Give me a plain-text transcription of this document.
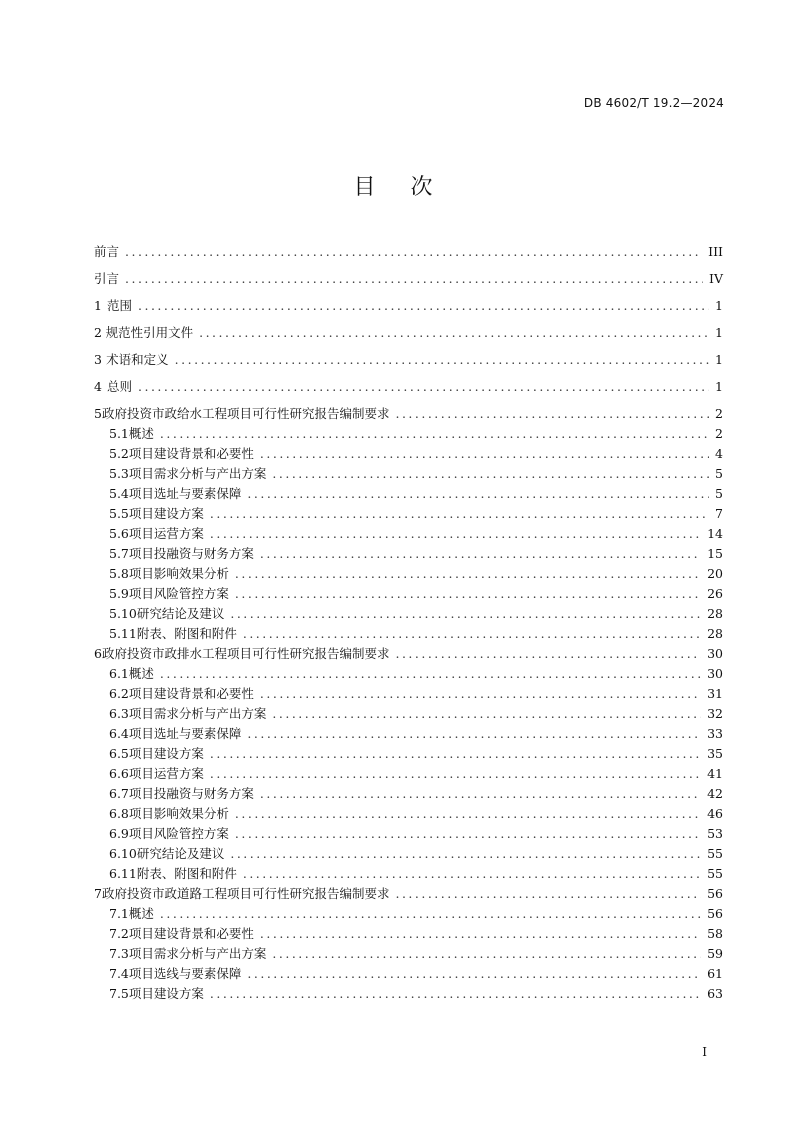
DB 4602/T 19.2—2024
目 次
前言 .....	III
引言 .....	IV
1 范围 .....	1
2 规范性引用文件 .....	1
3 术语和定义 .....	1
4 总则 .....	1
5 政府投资市政给水工程项目可行性研究报告编制要求 .....	2
5.1 概述 .....	2
5.2 项目建设背景和必要性 .....	4
5.3 项目需求分析与产出方案 .....	5
5.4 项目选址与要素保障 .....	5
5.5 项目建设方案 .....	7
5.6 项目运营方案 .....	14
5.7 项目投融资与财务方案 .....	15
5.8 项目影响效果分析 .....	20
5.9 项目风险管控方案 .....	26
5.10 研究结论及建议 .....	28
5.11 附表、附图和附件 .....	28
6 政府投资市政排水工程项目可行性研究报告编制要求 .....	30
6.1 概述 .....	30
6.2 项目建设背景和必要性 .....	31
6.3 项目需求分析与产出方案 .....	32
6.4 项目选址与要素保障 .....	33
6.5 项目建设方案 .....	35
6.6 项目运营方案 .....	41
6.7 项目投融资与财务方案 .....	42
6.8 项目影响效果分析 .....	46
6.9 项目风险管控方案 .....	53
6.10 研究结论及建议 .....	55
6.11 附表、附图和附件 .....	55
7 政府投资市政道路工程项目可行性研究报告编制要求 .....	56
7.1 概述 .....	56
7.2 项目建设背景和必要性 .....	58
7.3 项目需求分析与产出方案 .....	59
7.4 项目选线与要素保障 .....	61
7.5 项目建设方案 .....	63
I
